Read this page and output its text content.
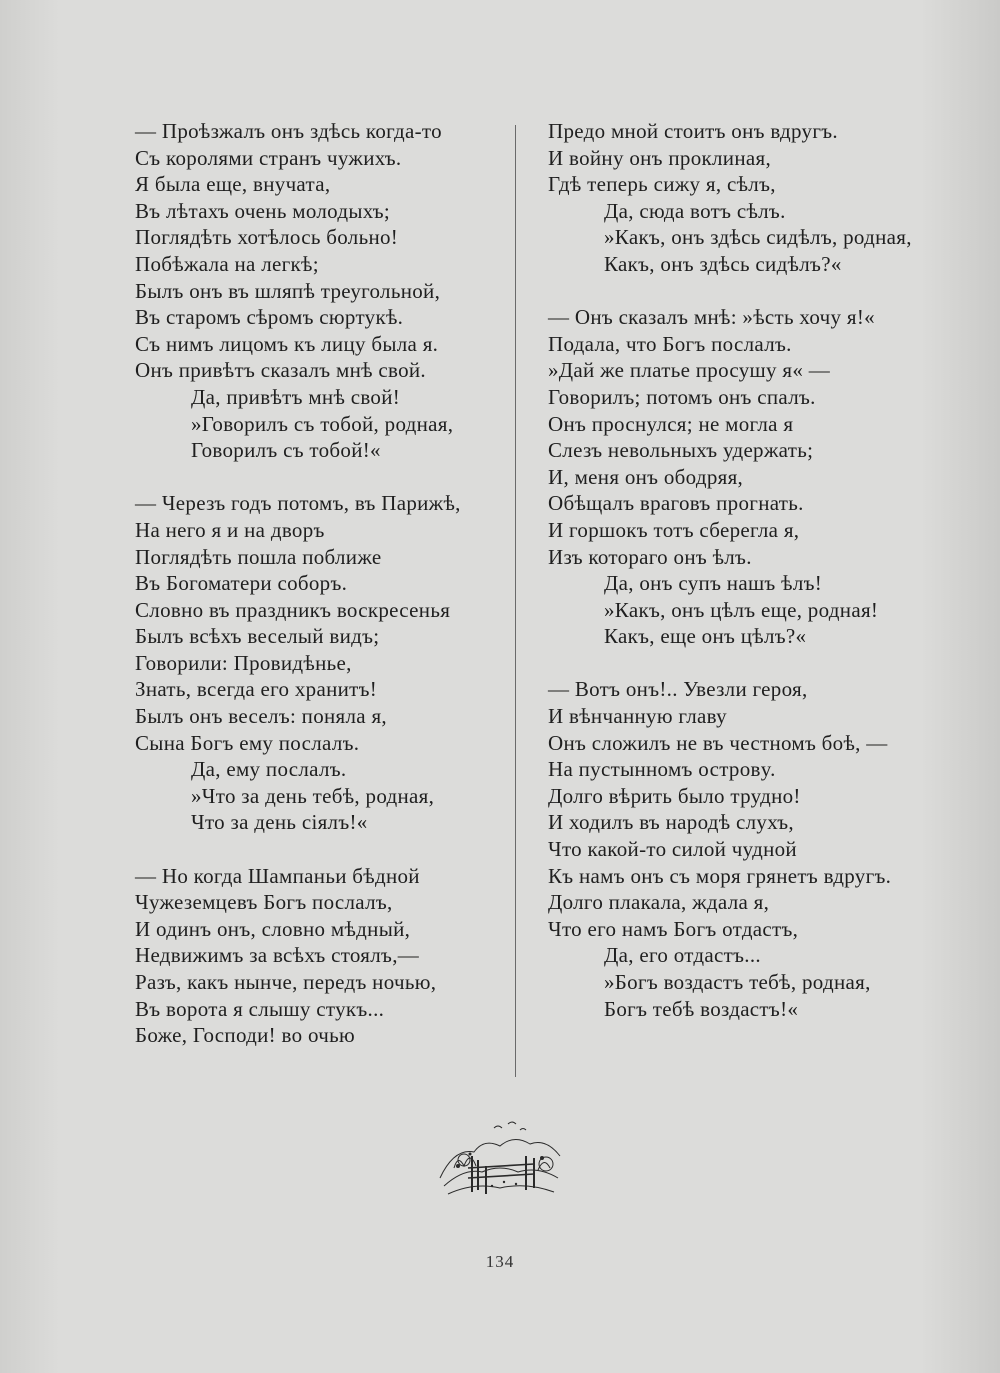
— Проѣзжалъ онъ здѣсь когда-то
Съ королями странъ чужихъ.
Я была еще, внучата,
Въ лѣтахъ очень молодыхъ;
Поглядѣть хотѣлось больно!
Побѣжала на легкѣ;
Былъ онъ въ шляпѣ треугольной,
Въ старомъ сѣромъ сюртукѣ.
Съ нимъ лицомъ къ лицу была я.
Онъ привѣтъ сказалъ мнѣ свой.
Да, привѣтъ мнѣ свой!
»Говорилъ съ тобой, родная,
Говорилъ съ тобой!«
— Черезъ годъ потомъ, въ Парижѣ,
На него я и на дворъ
Поглядѣть пошла поближе
Въ Богоматери соборъ.
Словно въ праздникъ воскресенья
Былъ всѣхъ веселый видъ;
Говорили: Провидѣнье,
Знать, всегда его хранитъ!
Былъ онъ веселъ: поняла я,
Сына Богъ ему послалъ.
Да, ему послалъ.
»Что за день тебѣ, родная,
Что за день сіялъ!«
— Но когда Шампаньи бѣдной
Чужеземцевъ Богъ послалъ,
И одинъ онъ, словно мѣдный,
Недвижимъ за всѣхъ стоялъ,—
Разъ, какъ нынче, передъ ночью,
Въ ворота я слышу стукъ...
Боже, Господи! во очью
Предо мной стоитъ онъ вдругъ.
И войну онъ проклиная,
Гдѣ теперь сижу я, сѣлъ,
Да, сюда вотъ сѣлъ.
»Какъ, онъ здѣсь сидѣлъ, родная,
Какъ, онъ здѣсь сидѣлъ?«
— Онъ сказалъ мнѣ: »ѣсть хочу я!«
Подала, что Богъ послалъ.
»Дай же платье просушу я« —
Говорилъ; потомъ онъ спалъ.
Онъ проснулся; не могла я
Слезъ невольныхъ удержать;
И, меня онъ ободряя,
Обѣщалъ враговъ прогнать.
И горшокъ тотъ сберегла я,
Изъ котораго онъ ѣлъ.
Да, онъ супъ нашъ ѣлъ!
»Какъ, онъ цѣлъ еще, родная!
Какъ, еще онъ цѣлъ?«
— Вотъ онъ!.. Увезли героя,
И вѣнчанную главу
Онъ сложилъ не въ честномъ боѣ, —
На пустынномъ островy.
Долго вѣрить было трудно!
И ходилъ въ народѣ слухъ,
Что какой-то силой чудной
Къ намъ онъ съ моря грянетъ вдругъ.
Долго плакала, ждала я,
Что его намъ Богъ отдастъ,
Да, его отдастъ...
»Богъ воздастъ тебѣ, родная,
Богъ тебѣ воздастъ!«
134
